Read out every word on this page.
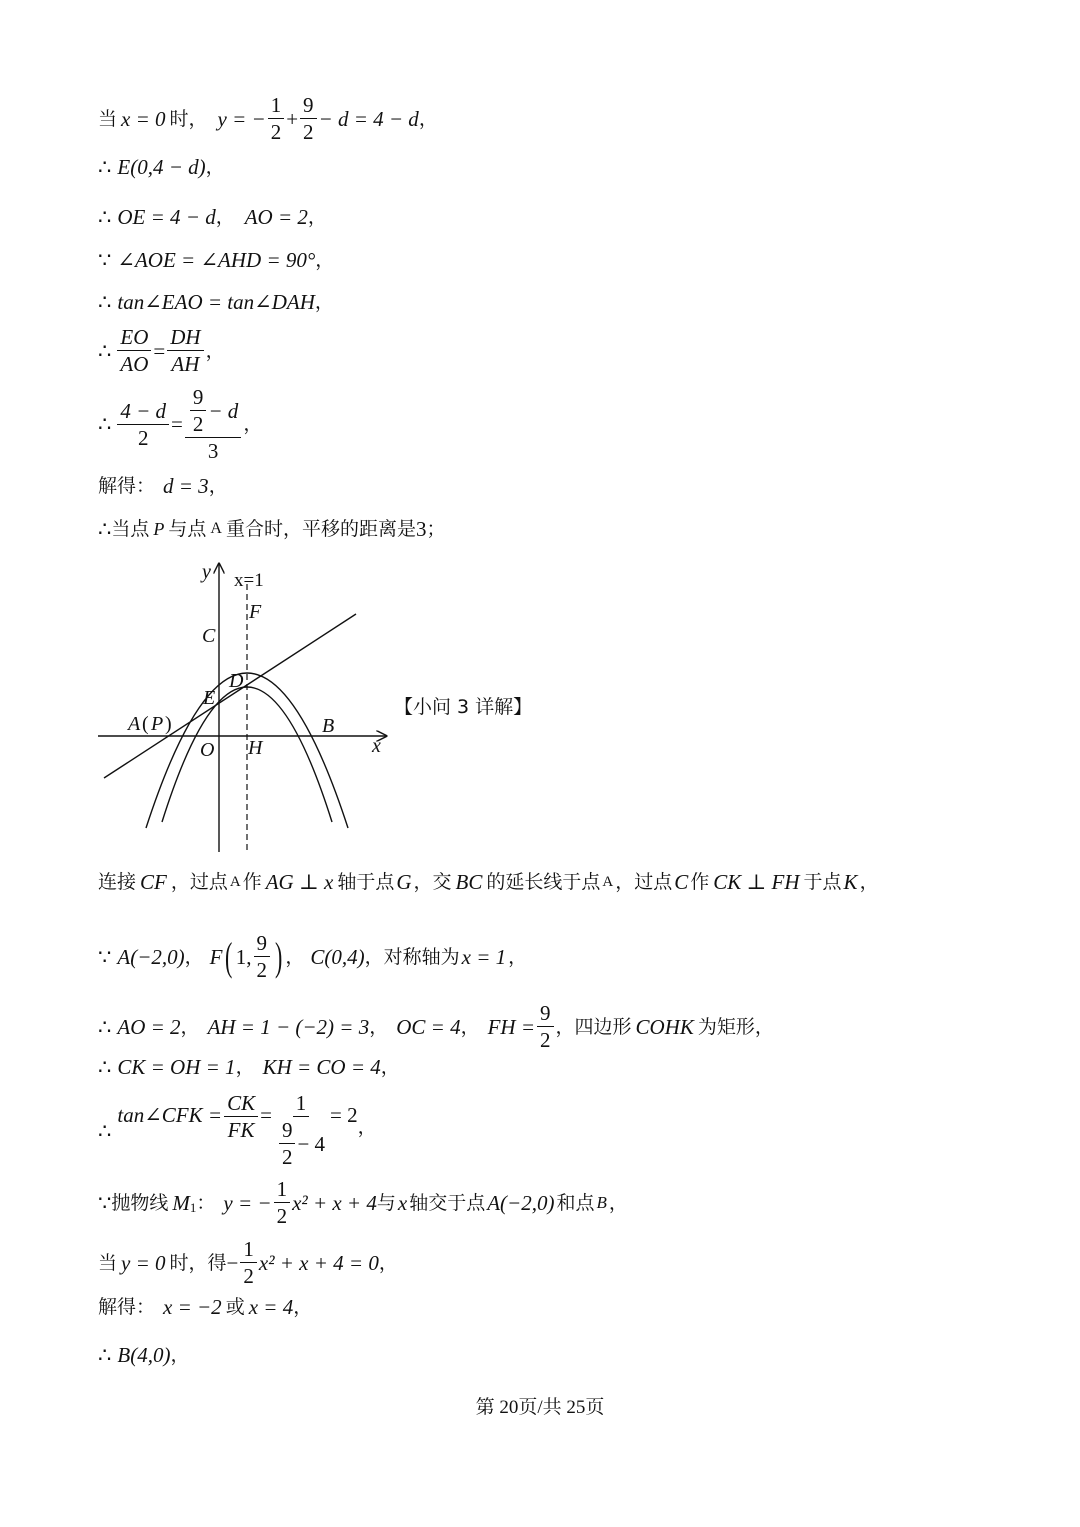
当 x = 0 时， y = − $\frac{1}{2} + \frac{9}{2} - d = 4 - d$ ，
∴ E(0,4 − d) ，
∴ OE = 4 − d ， AO = 2 ，
∵ ∠AOE = ∠AHD = 90° ，
∴ tan∠EAO = tan∠DAH ，
∴ $\frac{EO}{AO} = \frac{DH}{AH}$ ，
∴ $\frac{4 - d}{2} = \frac{\frac{9}{2} - d}{3}$ ，
解得： d = 3 ，
∴ 当点 P 与点 A 重合时，平移的距离是 3 ；
y x=1
F
C
D
E
A ( P )	B
x
O H
【小问 3 详解】
连接 CF ，过点 A 作 AG ⊥ x 轴于点 G ，交 BC 的延长线于点 A ，过点 C 作 CK ⊥ FH 于点 K ，
∵ A(−2,0) ， F ( 1, $\frac{9}{2}$ ) ， C(0,4) ，对称轴为 x = 1 ，
∴ AO = 2 ， AH = 1 − (−2) = 3 ， OC = 4 ， FH = $\frac{9}{2}$ ，四边形 COHK 为矩形，
∴ CK = OH = 1 ， KH = CO = 4 ，
∴
tan∠CFK = $\frac{CK}{FK} = \frac{1}{\frac{9}{2} - 4} = 2$ ，
∵ 抛物线 M 1 ： y = − $\frac{1}{2} x^2 + x + 4$ 与 x 轴交于点 A(−2,0) 和点 B ，
当 y = 0 时，得 − $\frac{1}{2} x^2 + x + 4 = 0$ ，
解得： x = −2 或 x = 4 ，
∴ B(4,0) ，
第 20页/共 25页
